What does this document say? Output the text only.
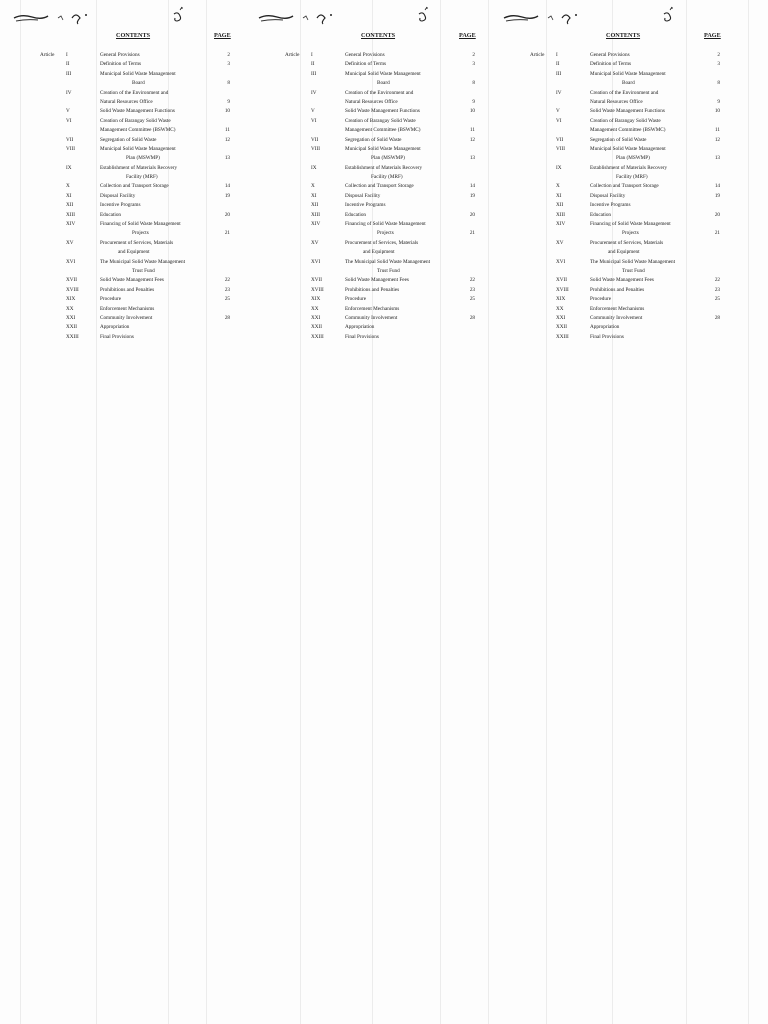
CONTENTS	PAGE
Article I	General Provisions	2
II	Definition of Terms	3
III	Municipal Solid Waste Management
Board	8
IV	Creation of the Environment and
Natural Resources Office	9
V	Solid Waste Management Functions	10
VI	Creation of Barangay Solid Waste
Management Committee (BSWMC)	11
VII	Segregation of Solid Waste	12
VIII	Municipal Solid Waste Management
Plan (MSWMP)	13
IX	Establishment of Materials Recovery
Facility (MRF)
X	Collection and Transport Storage	14
XI	Disposal Facility	19
XII	Incentive Programs
XIII	Education	20
XIV	Financing of Solid Waste Management
Projects	21
XV	Procurement of Services, Materials
and Equipment
XVI	The Municipal Solid Waste Management
Trust Fund
XVII	Solid Waste Management Fees	22
XVIII	Prohibitions and Penalties	23
XIX	Procedure	25
XX	Enforcement Mechanisms
XXI	Community Involvement	28
XXII	Appropriation
XXIII	Final Provisions
CONTENTS	PAGE
Article I	General Provisions	2
II	Definition of Terms	3
III	Municipal Solid Waste Management
Board	8
IV	Creation of the Environment and
Natural Resources Office	9
V	Solid Waste Management Functions	10
VI	Creation of Barangay Solid Waste
Management Committee (BSWMC)	11
VII	Segregation of Solid Waste	12
VIII	Municipal Solid Waste Management
Plan (MSWMP)	13
IX	Establishment of Materials Recovery
Facility (MRF)
X	Collection and Transport Storage	14
XI	Disposal Facility	19
XII	Incentive Programs
XIII	Education	20
XIV	Financing of Solid Waste Management
Projects	21
XV	Procurement of Services, Materials
and Equipment
XVI	The Municipal Solid Waste Management
Trust Fund
XVII	Solid Waste Management Fees	22
XVIII	Prohibitions and Penalties	23
XIX	Procedure	25
XX	Enforcement Mechanisms
XXI	Community Involvement	28
XXII	Appropriation
XXIII	Final Provisions
CONTENTS	PAGE
Article I	General Provisions	2
II	Definition of Terms	3
III	Municipal Solid Waste Management
Board	8
IV	Creation of the Environment and
Natural Resources Office	9
V	Solid Waste Management Functions	10
VI	Creation of Barangay Solid Waste
Management Committee (BSWMC)	11
VII	Segregation of Solid Waste	12
VIII	Municipal Solid Waste Management
Plan (MSWMP)	13
IX	Establishment of Materials Recovery
Facility (MRF)
X	Collection and Transport Storage	14
XI	Disposal Facility	19
XII	Incentive Programs
XIII	Education	20
XIV	Financing of Solid Waste Management
Projects	21
XV	Procurement of Services, Materials
and Equipment
XVI	The Municipal Solid Waste Management
Trust Fund
XVII	Solid Waste Management Fees	22
XVIII	Prohibitions and Penalties	23
XIX	Procedure	25
XX	Enforcement Mechanisms
XXI	Community Involvement	28
XXII	Appropriation
XXIII	Final Provisions
